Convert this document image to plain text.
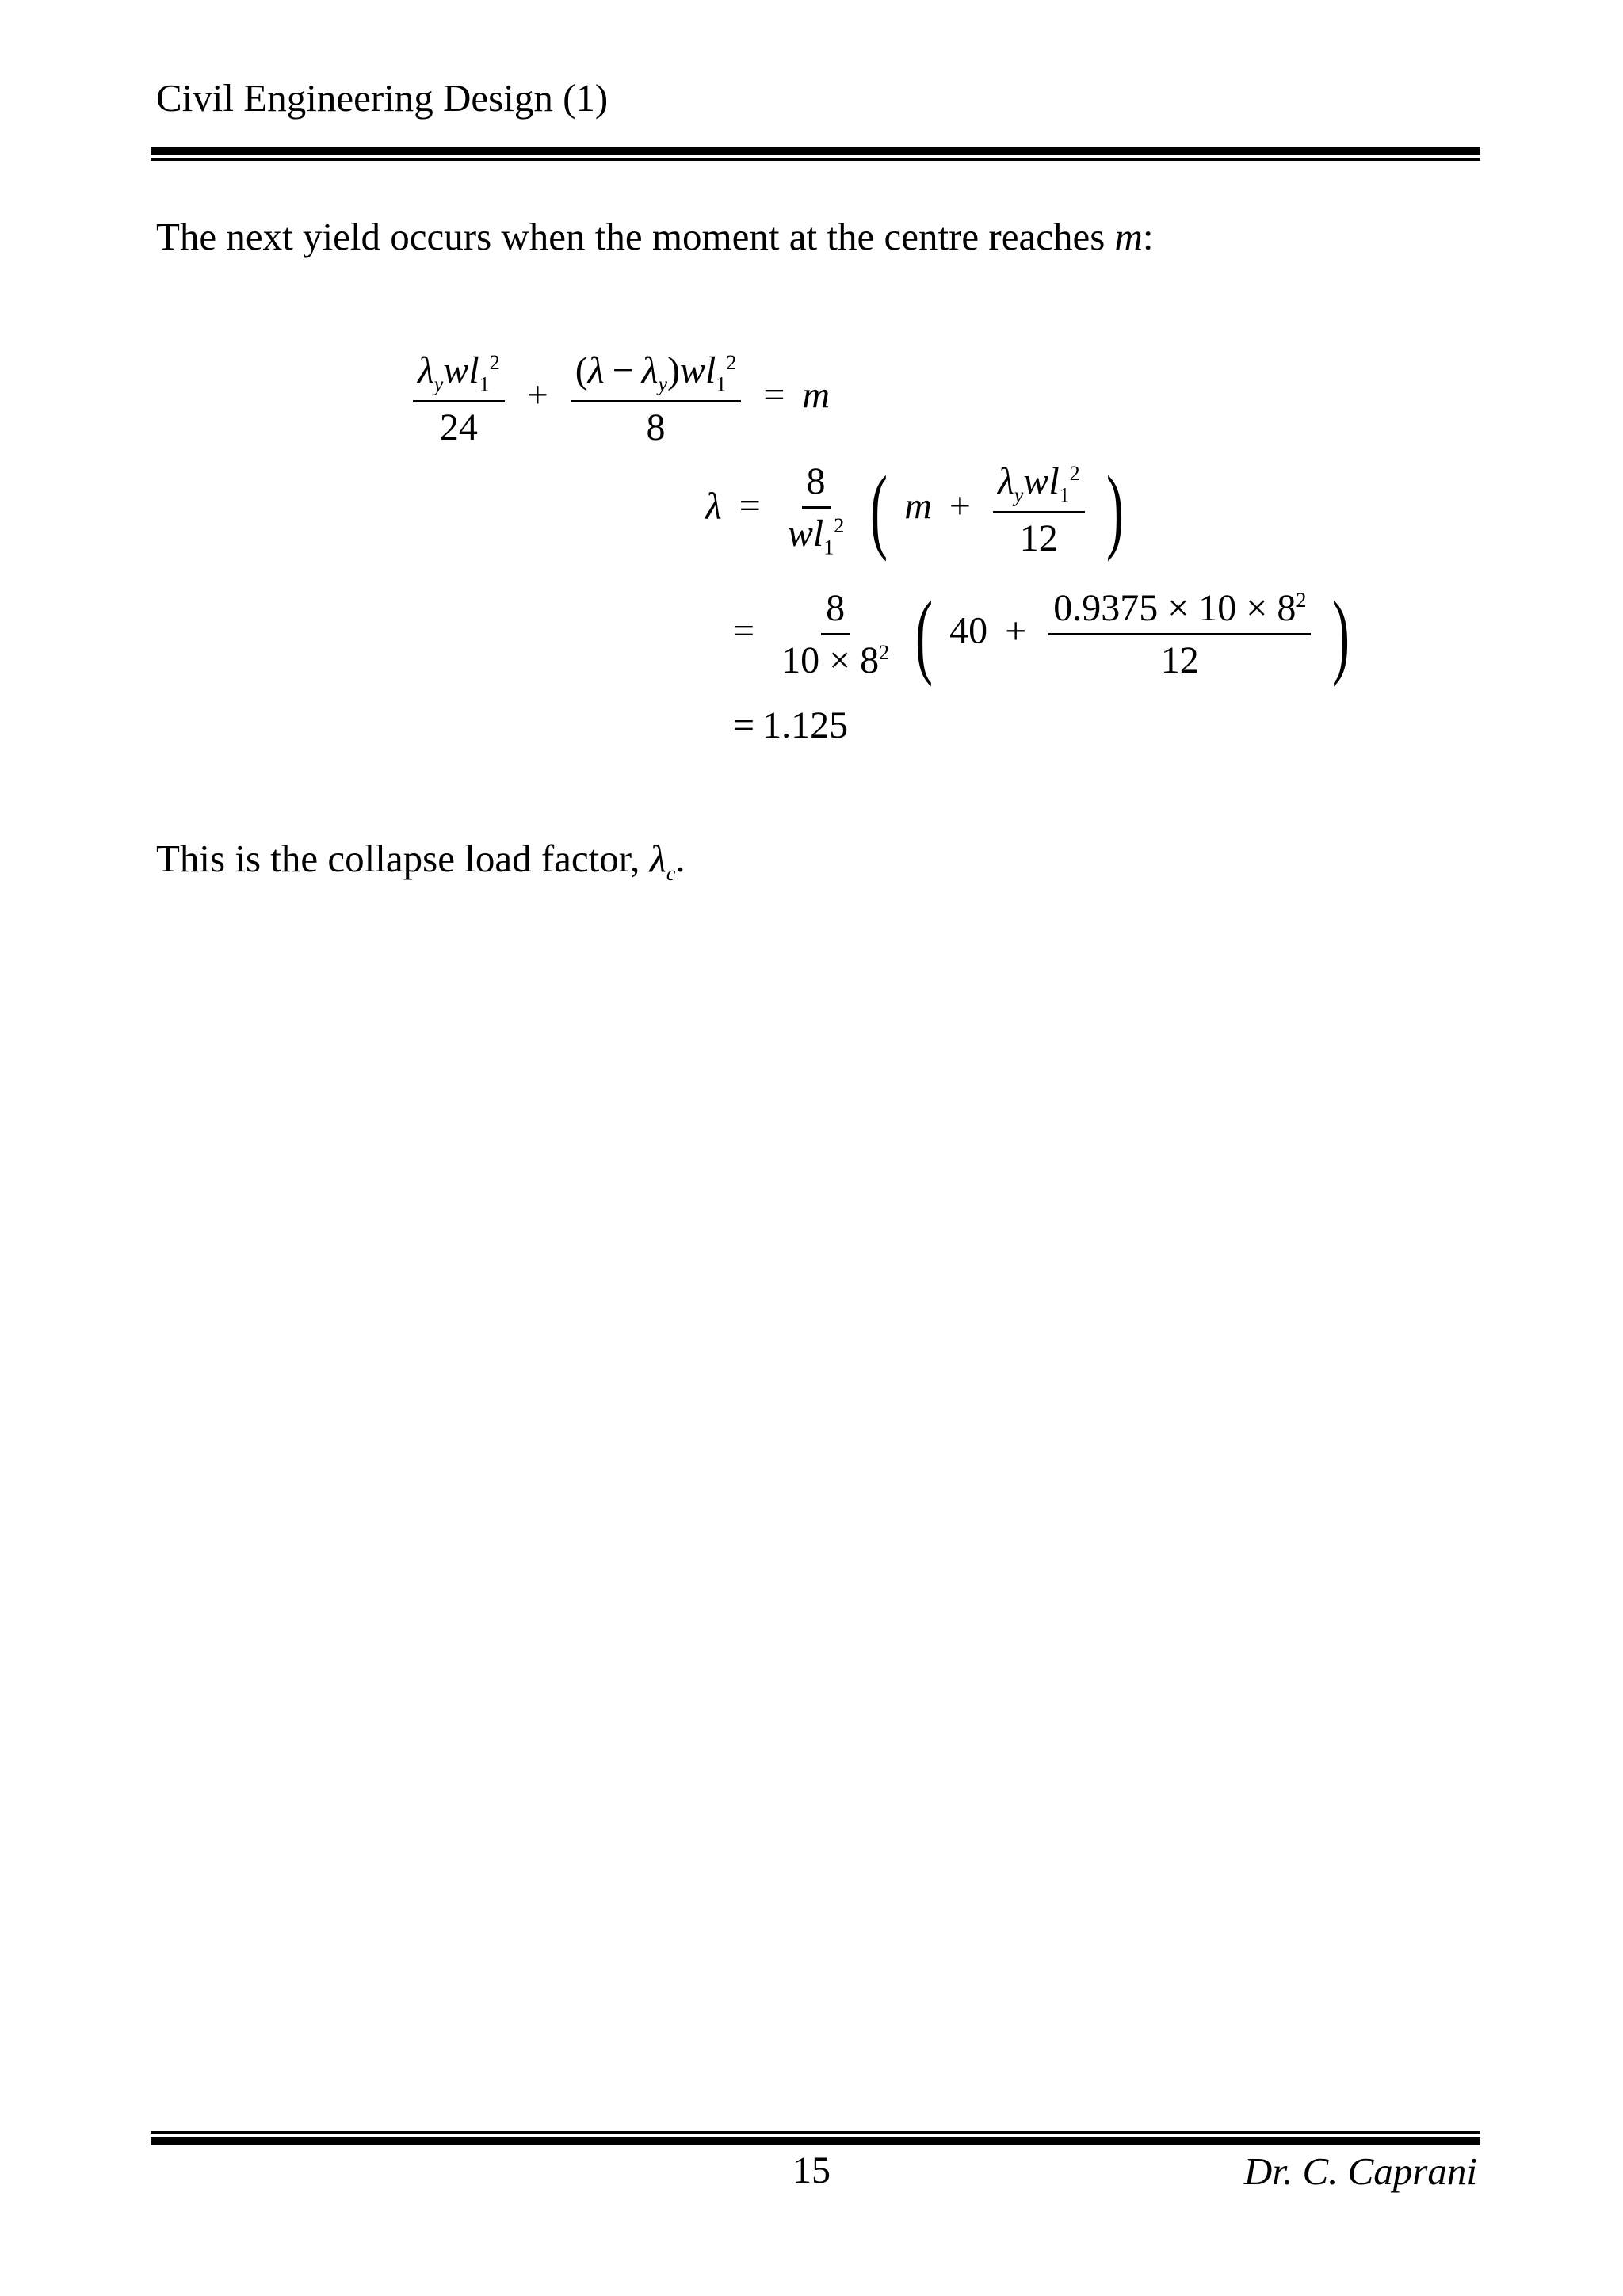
Civil Engineering Design (1)
The next yield occurs when the moment at the centre reaches m:
$\frac{\lambda_ywl_1^2}{24} + \frac{(\lambda - \lambda_y)wl_1^2}{8} = m$
$\lambda = \frac{8}{wl_1^2}$ ( $m + \frac{\lambda_ywl_1^2}{12}$ )
= $\frac{8}{10 \times 8^2}$ ( $40 + \frac{0.9375 \times 10 \times 8^2}{12}$ )
= 1.125
This is the collapse load factor, $\lambda_c$.
15	Dr. C. Caprani
